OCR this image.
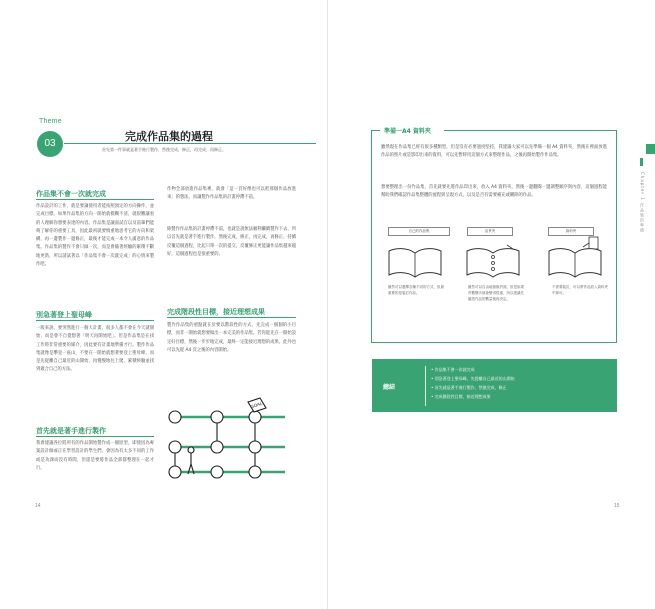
Theme
03
完成作品集的過程
首先第一件事就是著手進行製作，然後完成，修正，再完成，再修正。
作品集不會一次就完成
作品設計的工作，就是要讓使用者能按照預定的方向操作，並完成目標。如果作品集的方向一開始就模糊不清，就很難讓看的人理解你想要表達的內容。作品集是讓面試官以及前輩們能夠了解你的重要工具，因此最初就要慎重地思考它的方向和架構，再一邊製作一邊修正，最後才能完成一本令人滿意的作品集。作品集的製作不會只做一次，而是會隨著經驗的累積不斷地更新，所以請試著以「作品集不會一次就完成」的心情來製作吧。
別急著登上聖母峰
一般來說，要突然進行一個大計畫，很多人都不會在今天就開始，而是會不自覺想著「明天再開始吧」。但是作品集是在找工作時非常重要的媒介，因此要有計畫地準備才行。製作作品集就像是攀登一座山，不要在一開始就想著要登上聖母峰，而是先從離自己最近的山開始，再慢慢地往上爬，累積經驗並找到適合自己的方法。
首先就是著手進行製作
我會建議各位將所有的作品開始製作成一個原型，即使因為專案設計師或正在學習設計的學生們，會因為有太多不同的工作或是功課而沒有時間，但還是要將作品全部都整理在一起才行。
作物全部放進作品集裡，就會「這一頁好像也可以把那個作品放進來」的想法，而讓製作作品集的計畫停滯不前。
除製作作品集的計畫停滯不前，也就是說無法順利繼續製作下去，所以首先就是著手進行製作，然後完成，修正，再完成，再修正，持續反覆這個過程，比起只單一次的提交，反覆修正更能讓作品集越來越好，這個過程也是很重要的。
完成階段性目標，接近理想成果
製作作品集的重點就在於要以階段性的方式，先完成一個個的小目標，而非一開始就想要做出一本完美的作品集。若你能先在一開始設定好目標，然後一步步地完成，最終一定能接近理想的成果。此外也可以先從 A4 頁之後的內容開始。
GOAL
14
準備一A4 資料夾
雖然現在作品集已經有很多種類型，但是沒有必要過度堅持，我建議大家可以先準備一個 A4 資料夾，然後在裡面放進作品的照片或是影印出來的資料，可以先暫時用這個方式來整理作品，之後再開始製作作品集。
想要整理出一份作品集，首先就要先將作品印出來，放入 A4 資料夾，然後一邊翻閱一邊調整順序與內容，這個過程能幫助我們確認作品集整體的流程與呈現方式，以及是否有需要補充或刪除的作品。
自己的作品集
雖然可以選擇各種不同的方式，但最重要的是裝訂作品。
活頁夾
雖然可以自由地抽換頁面，但是如果頁數變多就會變得很重，所以建議先確認作品的數量後再決定。
資料夾
不需要裝訂，可以將作品放入資料夾中即可。
總結
• 作品集不會一次就完成
• 別急著登上聖母峰，先從離自己最近的山開始
• 首先就是著手進行製作，然後完成，修正
• 完成階段性目標，接近理想成果
Chapter 1 作品集的準備
15
